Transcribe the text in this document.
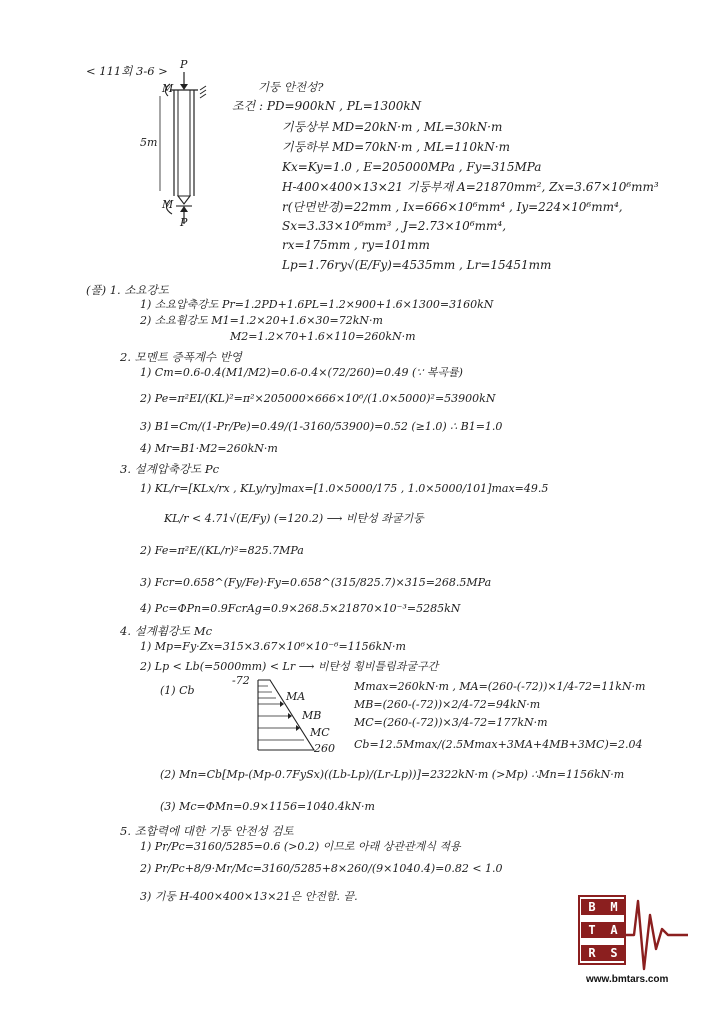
< 111회 3-6 >
기둥 안전성?
P
M
5m
M
P
조건 : PD=900kN , PL=1300kN
기둥상부 MD=20kN·m , ML=30kN·m
기둥하부 MD=70kN·m , ML=110kN·m
Kx=Ky=1.0 , E=205000MPa , Fy=315MPa
H-400×400×13×21 기둥부재 A=21870mm², Zx=3.67×10⁶mm³
r(단면반경)=22mm , Ix=666×10⁶mm⁴ , Iy=224×10⁶mm⁴,
Sx=3.33×10⁶mm³ , J=2.73×10⁶mm⁴,
rx=175mm , ry=101mm
Lp=1.76ry√(E/Fy)=4535mm , Lr=15451mm
(풀) 1. 소요강도
1) 소요압축강도 Pr=1.2PD+1.6PL=1.2×900+1.6×1300=3160kN
2) 소요휨강도 M1=1.2×20+1.6×30=72kN·m
M2=1.2×70+1.6×110=260kN·m
2. 모멘트 증폭계수 반영
1) Cm=0.6-0.4(M1/M2)=0.6-0.4×(72/260)=0.49 (∵ 복곡률)
2) Pe=π²EI/(KL)²=π²×205000×666×10⁶/(1.0×5000)²=53900kN
3) B1=Cm/(1-Pr/Pe)=0.49/(1-3160/53900)=0.52 (≥1.0) ∴ B1=1.0
4) Mr=B1·M2=260kN·m
3. 설계압축강도 Pc
1) KL/r=[KLx/rx , KLy/ry]max=[1.0×5000/175 , 1.0×5000/101]max=49.5
KL/r < 4.71√(E/Fy) (=120.2) ⟶ 비탄성 좌굴기둥
2) Fe=π²E/(KL/r)²=825.7MPa
3) Fcr=0.658^(Fy/Fe)·Fy=0.658^(315/825.7)×315=268.5MPa
4) Pc=ΦPn=0.9FcrAg=0.9×268.5×21870×10⁻³=5285kN
4. 설계휨강도 Mc
1) Mp=Fy·Zx=315×3.67×10⁶×10⁻⁶=1156kN·m
2) Lp < Lb(=5000mm) < Lr ⟶ 비탄성 횡비틀림좌굴구간
(1) Cb
-72
MA
MB
MC
260
Mmax=260kN·m , MA=(260-(-72))×1/4-72=11kN·m
MB=(260-(-72))×2/4-72=94kN·m
MC=(260-(-72))×3/4-72=177kN·m
Cb=12.5Mmax/(2.5Mmax+3MA+4MB+3MC)=2.04
(2) Mn=Cb[Mp-(Mp-0.7FySx)((Lb-Lp)/(Lr-Lp))]=2322kN·m (>Mp) ∴Mn=1156kN·m
(3) Mc=ΦMn=0.9×1156=1040.4kN·m
5. 조합력에 대한 기둥 안전성 검토
1) Pr/Pc=3160/5285=0.6 (>0.2) 이므로 아래 상관관계식 적용
2) Pr/Pc+8/9·Mr/Mc=3160/5285+8×260/(9×1040.4)=0.82 < 1.0
3) 기둥 H-400×400×13×21은 안전함. 끝.
B	M
T	A
R	S
www.bmtars.com
